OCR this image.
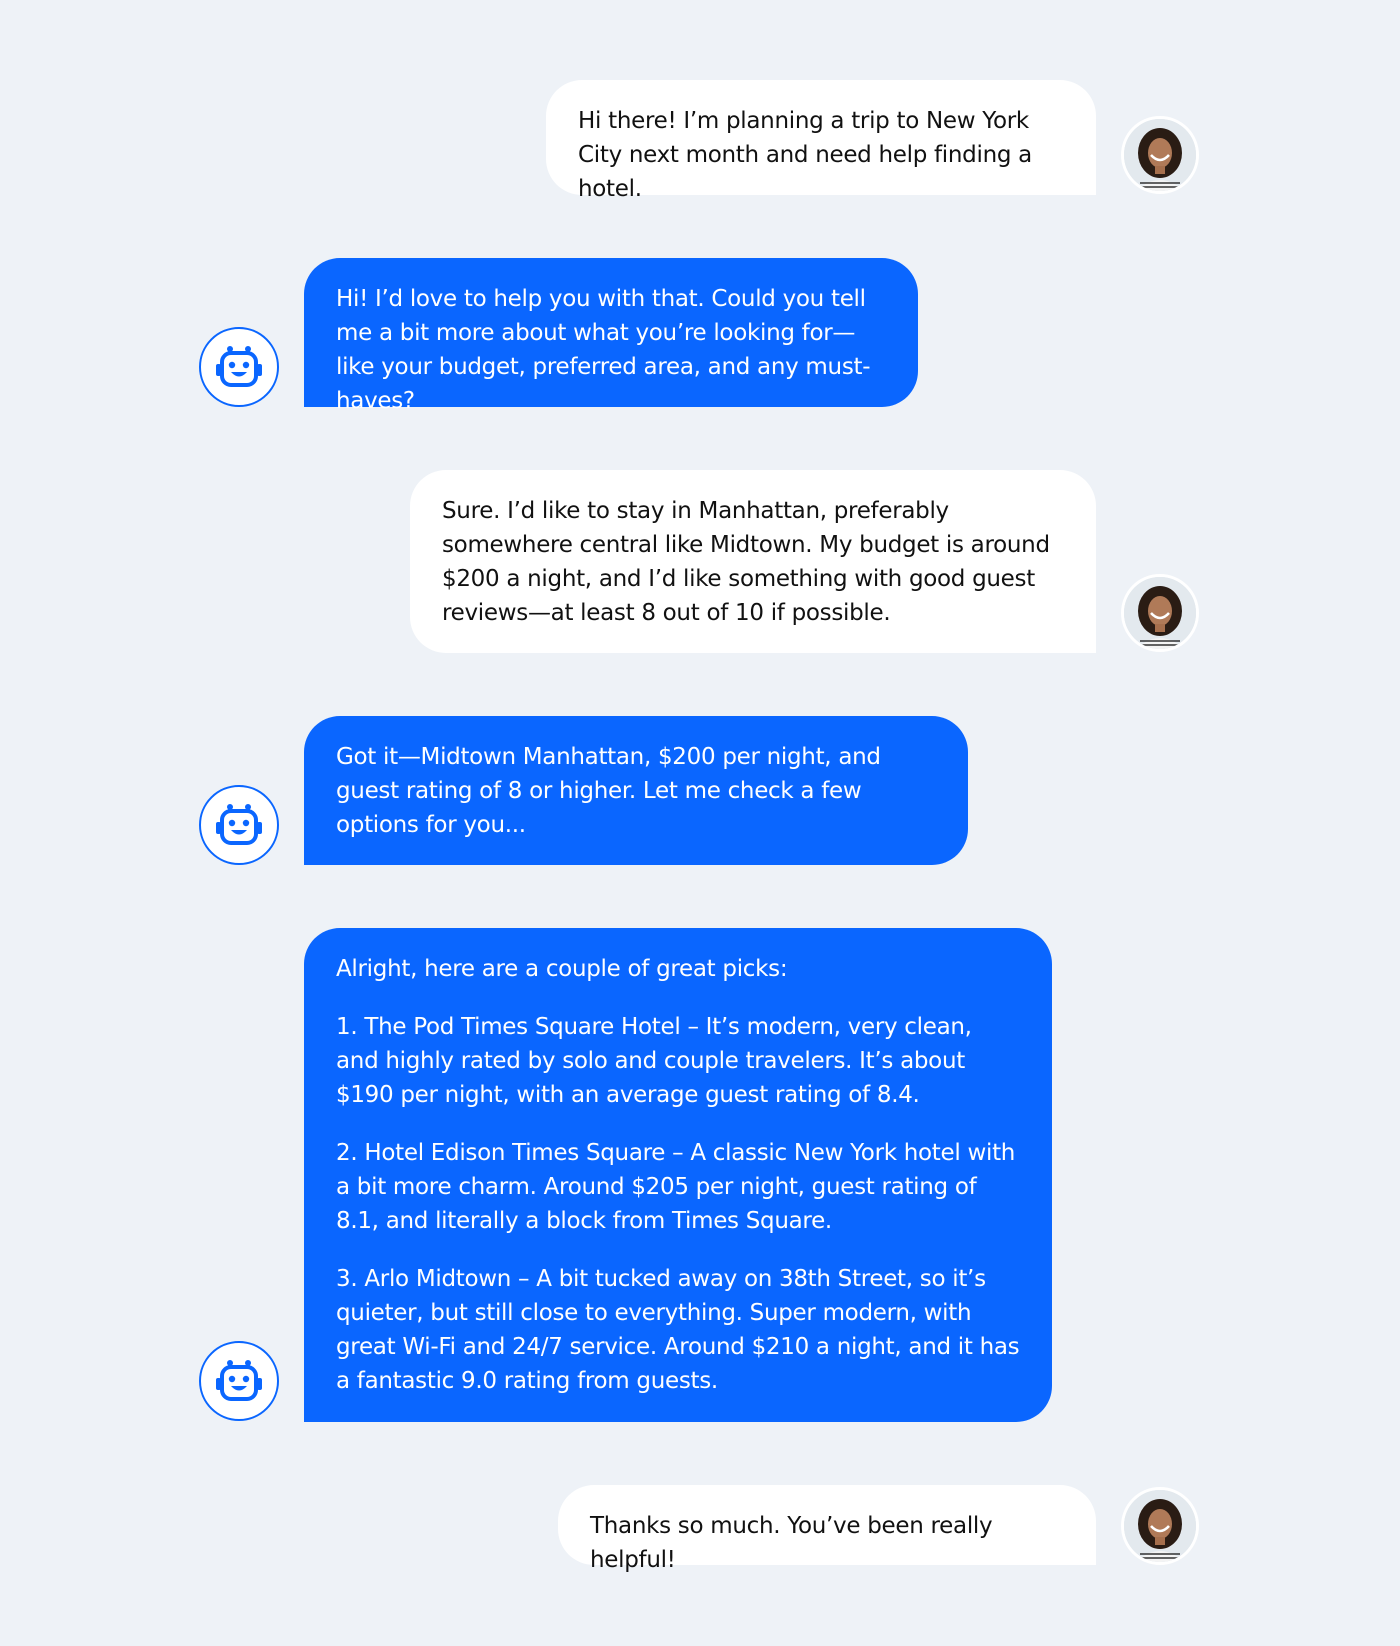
Hi there! I’m planning a trip to New York City next month and need help finding a hotel.

Hi! I’d love to help you with that. Could you tell me a bit more about what you’re looking for—like your budget, preferred area, and any must-haves?

Sure. I’d like to stay in Manhattan, preferably somewhere central like Midtown. My budget is around $200 a night, and I’d like something with good guest reviews—at least 8 out of 10 if possible.

Got it—Midtown Manhattan, $200 per night, and guest rating of 8 or higher. Let me check a few options for you...

Alright, here are a couple of great picks:

1. The Pod Times Square Hotel – It’s modern, very clean, and highly rated by solo and couple travelers. It’s about $190 per night, with an average guest rating of 8.4.

2. Hotel Edison Times Square – A classic New York hotel with a bit more charm. Around $205 per night, guest rating of 8.1, and literally a block from Times Square.

3. Arlo Midtown – A bit tucked away on 38th Street, so it’s quieter, but still close to everything. Super modern, with great Wi-Fi and 24/7 service. Around $210 a night, and it has a fantastic 9.0 rating from guests.

Thanks so much. You’ve been really helpful!
